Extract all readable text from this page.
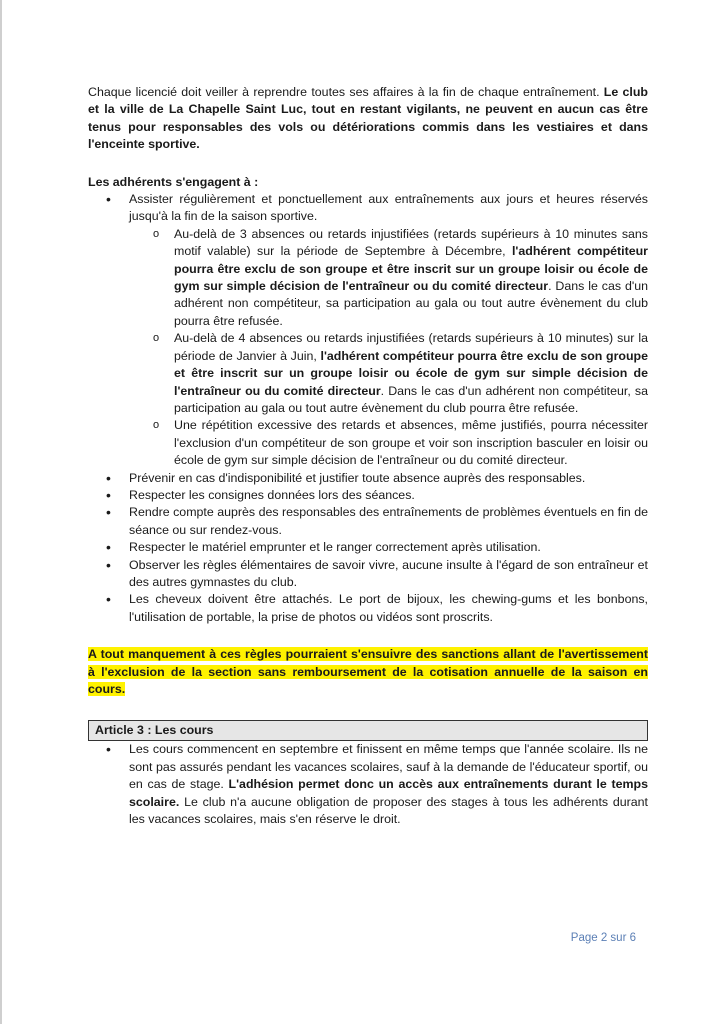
Chaque licencié doit veiller à reprendre toutes ses affaires à la fin de chaque entraînement. Le club et la ville de La Chapelle Saint Luc, tout en restant vigilants, ne peuvent en aucun cas être tenus pour responsables des vols ou détériorations commis dans les vestiaires et dans l'enceinte sportive.

Les adhérents s'engagent à :

• Assister régulièrement et ponctuellement aux entraînements aux jours et heures réservés jusqu'à la fin de la saison sportive.
o Au-delà de 3 absences ou retards injustifiées (retards supérieurs à 10 minutes sans motif valable) sur la période de Septembre à Décembre, l'adhérent compétiteur pourra être exclu de son groupe et être inscrit sur un groupe loisir ou école de gym sur simple décision de l'entraîneur ou du comité directeur. Dans le cas d'un adhérent non compétiteur, sa participation au gala ou tout autre évènement du club pourra être refusée.
o Au-delà de 4 absences ou retards injustifiées (retards supérieurs à 10 minutes) sur la période de Janvier à Juin, l'adhérent compétiteur pourra être exclu de son groupe et être inscrit sur un groupe loisir ou école de gym sur simple décision de l'entraîneur ou du comité directeur. Dans le cas d'un adhérent non compétiteur, sa participation au gala ou tout autre évènement du club pourra être refusée.
o Une répétition excessive des retards et absences, même justifiés, pourra nécessiter l'exclusion d'un compétiteur de son groupe et voir son inscription basculer en loisir ou école de gym sur simple décision de l'entraîneur ou du comité directeur.
• Prévenir en cas d'indisponibilité et justifier toute absence auprès des responsables.
• Respecter les consignes données lors des séances.
• Rendre compte auprès des responsables des entraînements de problèmes éventuels en fin de séance ou sur rendez-vous.
• Respecter le matériel emprunter et le ranger correctement après utilisation.
• Observer les règles élémentaires de savoir vivre, aucune insulte à l'égard de son entraîneur et des autres gymnastes du club.
• Les cheveux doivent être attachés. Le port de bijoux, les chewing-gums et les bonbons, l'utilisation de portable, la prise de photos ou vidéos sont proscrits.

A tout manquement à ces règles pourraient s'ensuivre des sanctions allant de l'avertissement à l'exclusion de la section sans remboursement de la cotisation annuelle de la saison en cours.

Article 3 : Les cours
• Les cours commencent en septembre et finissent en même temps que l'année scolaire. Ils ne sont pas assurés pendant les vacances scolaires, sauf à la demande de l'éducateur sportif, ou en cas de stage. L'adhésion permet donc un accès aux entraînements durant le temps scolaire. Le club n'a aucune obligation de proposer des stages à tous les adhérents durant les vacances scolaires, mais s'en réserve le droit.
Page 2 sur 6
